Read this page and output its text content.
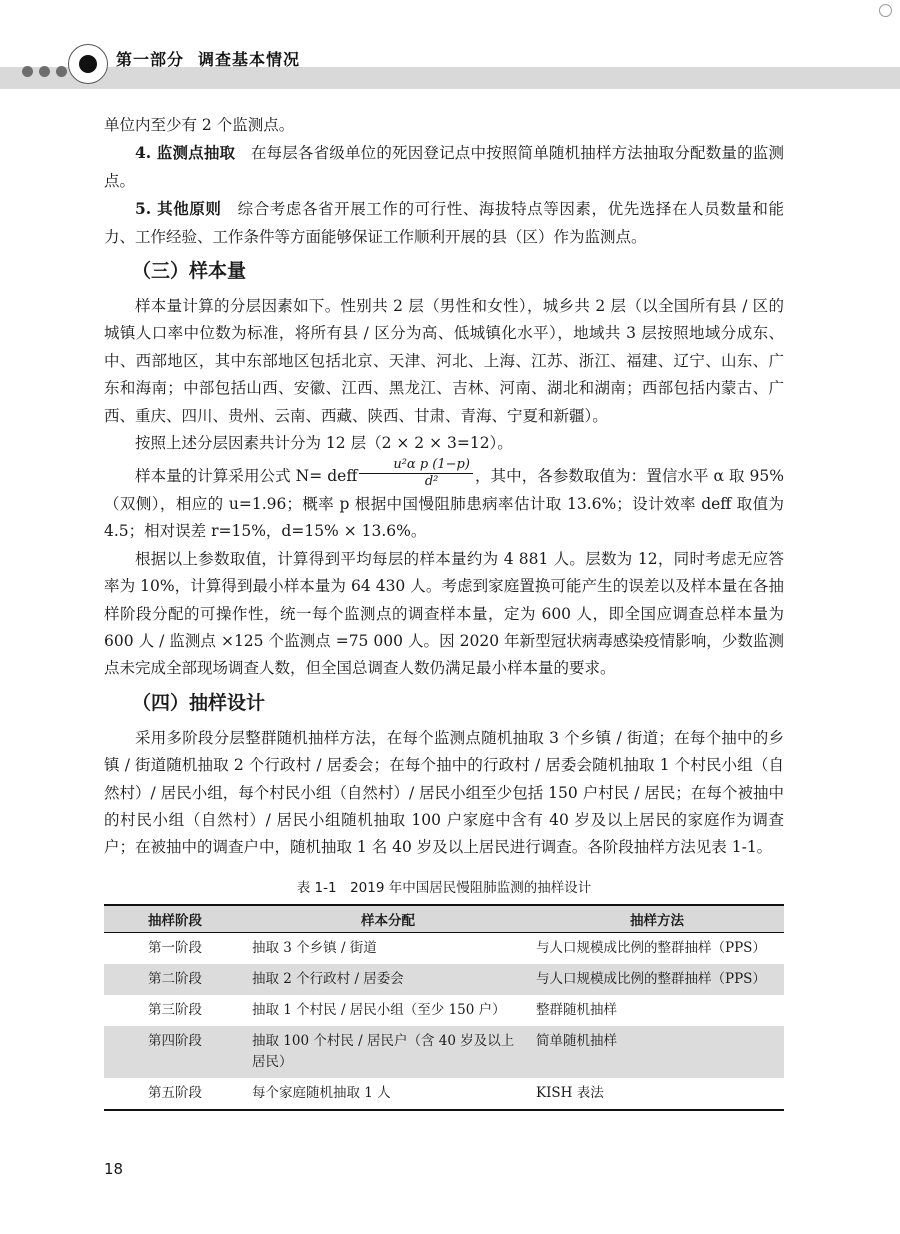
第一部分 调查基本情况

单位内至少有 2 个监测点。

4. 监测点抽取　 在每层各省级单位的死因登记点中按照简单随机抽样方法抽取分配数量的监测点。

5. 其他原则　 综合考虑各省开展工作的可行性、海拔特点等因素，优先选择在人员数量和能力、工作经验、工作条件等方面能够保证工作顺利开展的县（区）作为监测点。

（三）样本量

样本量计算的分层因素如下。性别共 2 层（男性和女性），城乡共 2 层（以全国所有县 / 区的城镇人口率中位数为标准，将所有县 / 区分为高、低城镇化水平），地域共 3 层按照地域分成东、中、西部地区，其中东部地区包括北京、天津、河北、上海、江苏、浙江、福建、辽宁、山东、广东和海南；中部包括山西、安徽、江西、黑龙江、吉林、河南、湖北和湖南；西部包括内蒙古、广西、重庆、四川、贵州、云南、西藏、陕西、甘肃、青海、宁夏和新疆）。

按照上述分层因素共计分为 12 层（2 × 2 × 3=12）。

样本量的计算采用公式 N= deff $\frac{\text{u²α p (1−p)}}{\text{d²}}$ ，其中，各参数取值为：置信水平 α 取 95%（双侧），相应的 u=1.96；概率 p 根据中国慢阻肺患病率估计取 13.6%；设计效率 deff 取值为 4.5；相对误差 r=15%，d=15% × 13.6%。

根据以上参数取值，计算得到平均每层的样本量约为 4 881 人。层数为 12，同时考虑无应答率为 10%，计算得到最小样本量为 64 430 人。考虑到家庭置换可能产生的误差以及样本量在各抽样阶段分配的可操作性，统一每个监测点的调查样本量，定为 600 人，即全国应调查总样本量为 600 人 / 监测点 ×125 个监测点 =75 000 人。因 2020 年新型冠状病毒感染疫情影响，少数监测点未完成全部现场调查人数，但全国总调查人数仍满足最小样本量的要求。

（四）抽样设计

采用多阶段分层整群随机抽样方法，在每个监测点随机抽取 3 个乡镇 / 街道；在每个抽中的乡镇 / 街道随机抽取 2 个行政村 / 居委会；在每个抽中的行政村 / 居委会随机抽取 1 个村民小组（自然村）/ 居民小组，每个村民小组（自然村）/ 居民小组至少包括 150 户村民 / 居民；在每个被抽中的村民小组（自然村）/ 居民小组随机抽取 100 户家庭中含有 40 岁及以上居民的家庭作为调查户；在被抽中的调查户中，随机抽取 1 名 40 岁及以上居民进行调查。各阶段抽样方法见表 1-1。

表 1-1　2019 年中国居民慢阻肺监测的抽样设计
抽样阶段	样本分配	抽样方法
第一阶段	抽取 3 个乡镇 / 街道	与人口规模成比例的整群抽样（PPS）
第二阶段	抽取 2 个行政村 / 居委会	与人口规模成比例的整群抽样（PPS）
第三阶段	抽取 1 个村民 / 居民小组（至少 150 户）	整群随机抽样
第四阶段	抽取 100 个村民 / 居民户（含 40 岁及以上居民）	简单随机抽样
第五阶段	每个家庭随机抽取 1 人	KISH 表法
18
